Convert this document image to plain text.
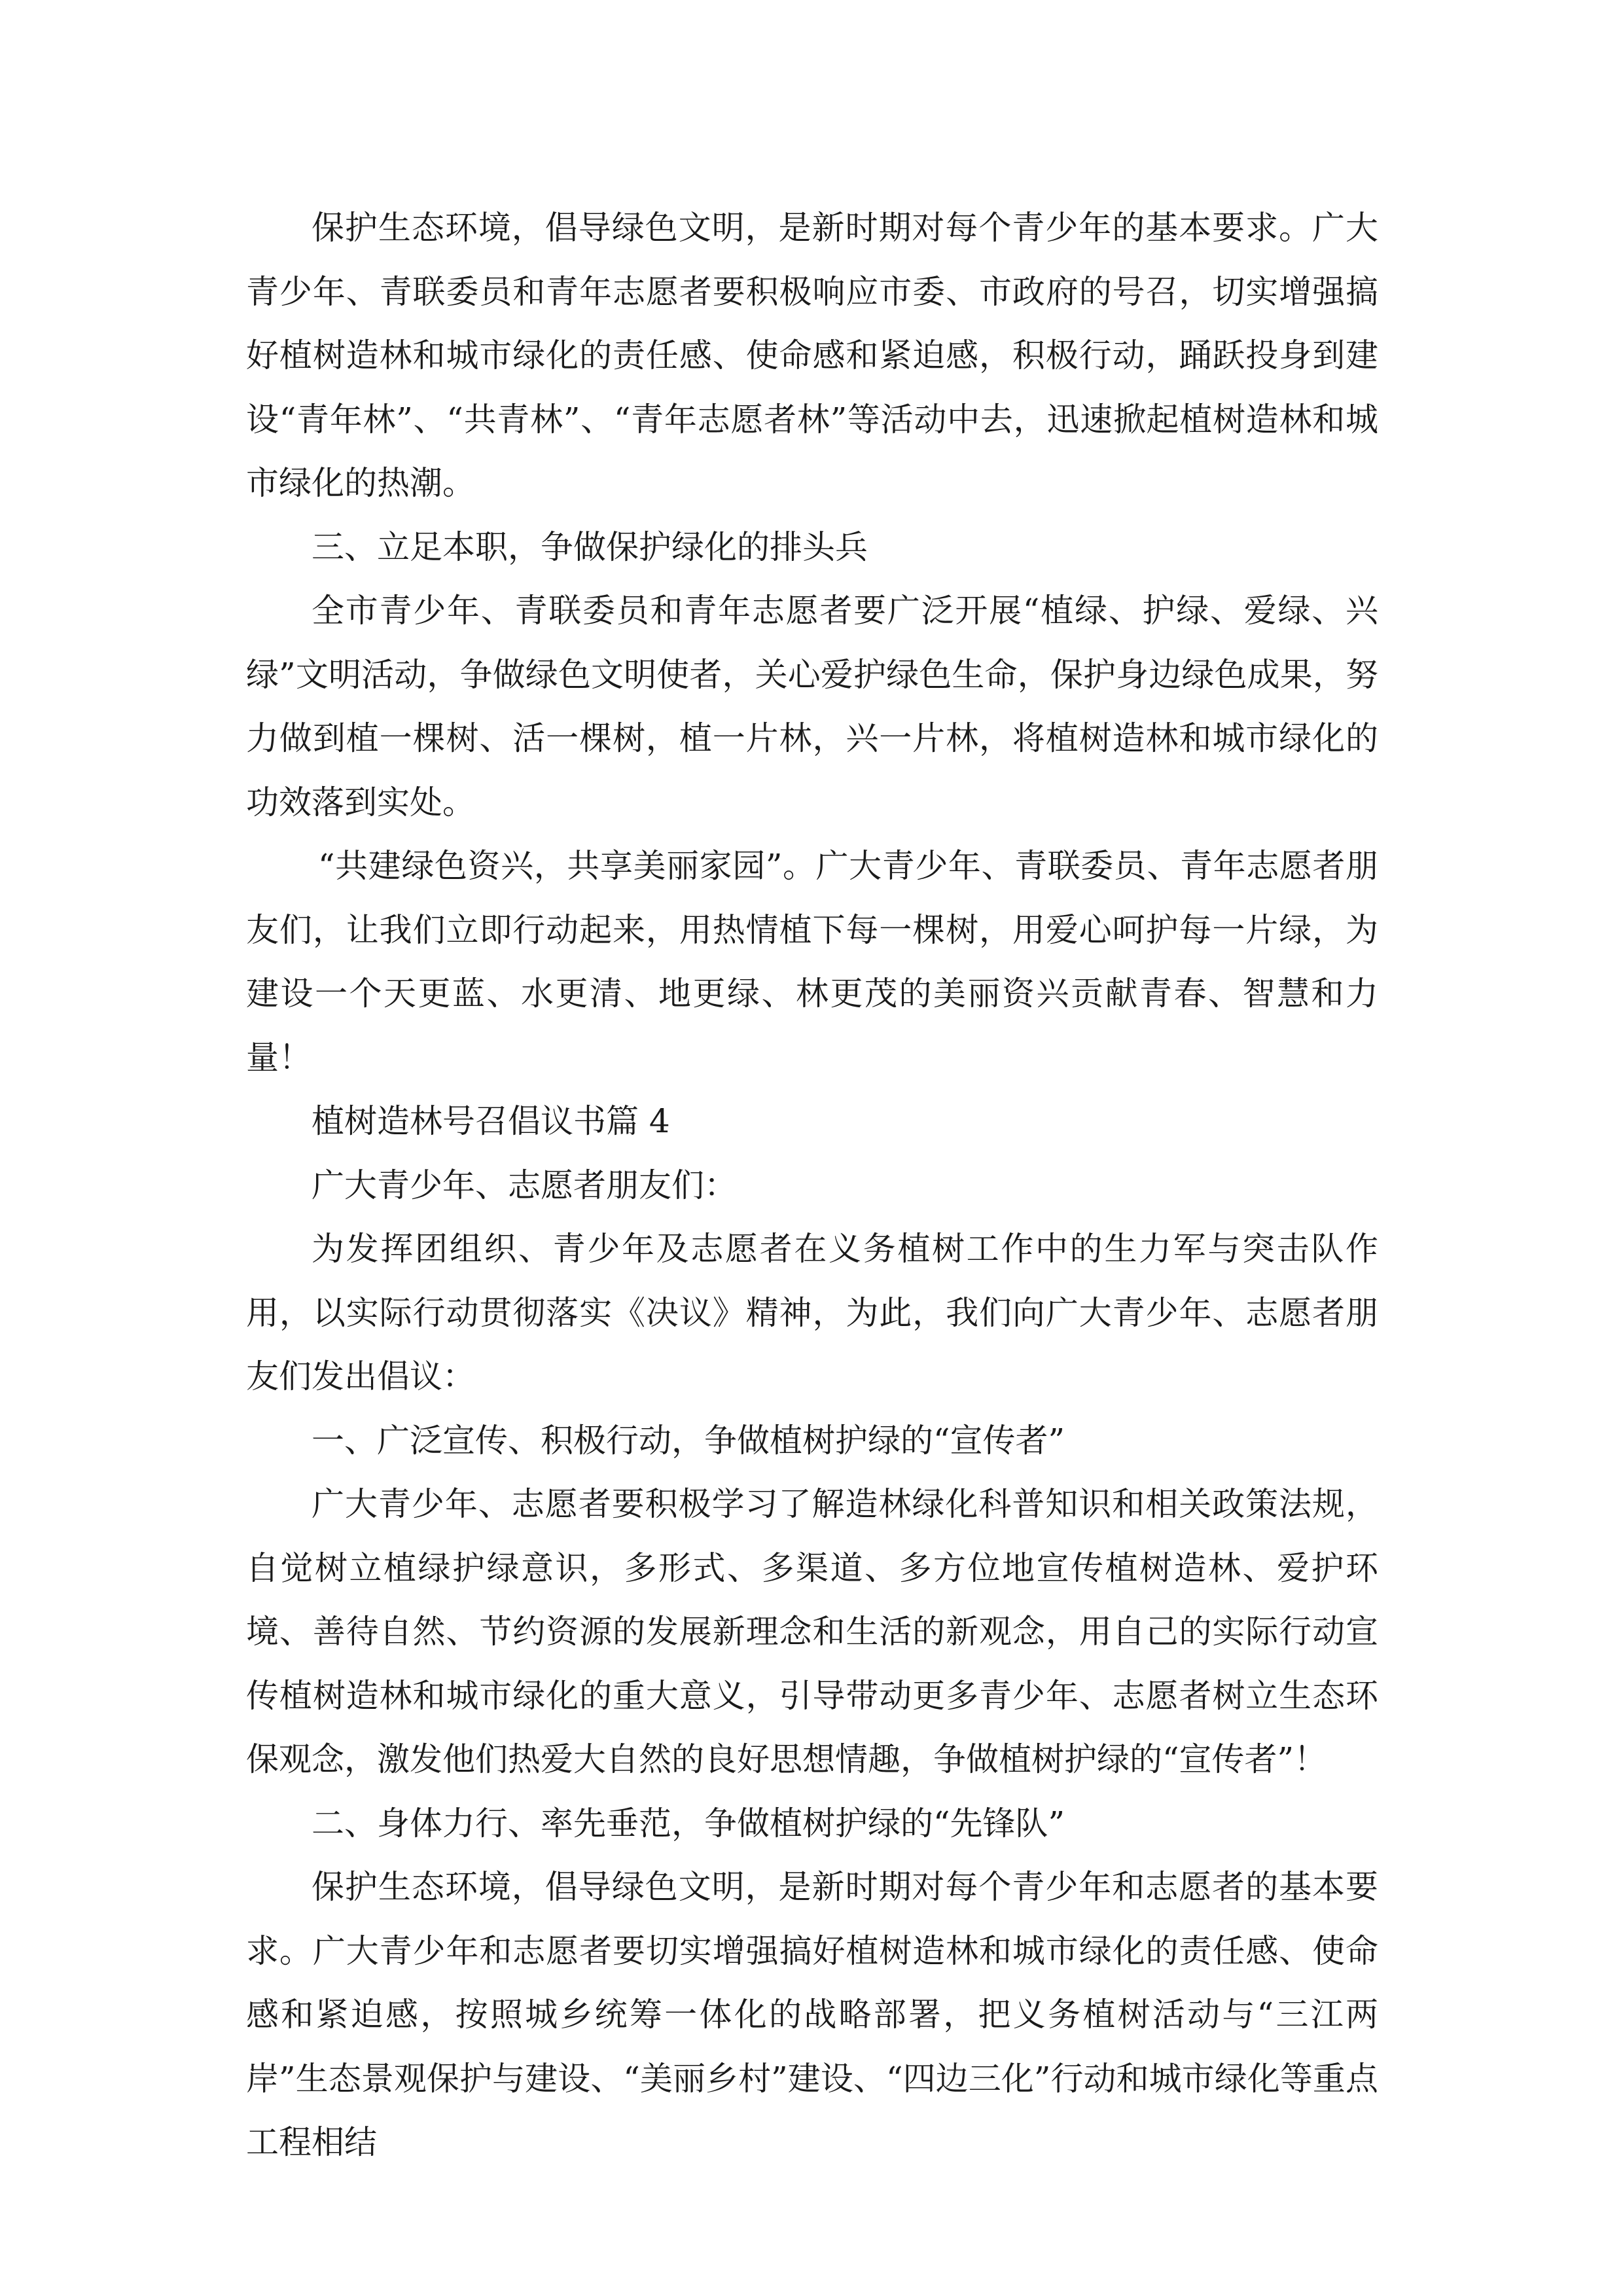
保护生态环境，倡导绿色文明，是新时期对每个青少年的基本要求。广大青少年、青联委员和青年志愿者要积极响应市委、市政府的号召，切实增强搞好植树造林和城市绿化的责任感、使命感和紧迫感，积极行动，踊跃投身到建设“青年林”、“共青林”、“青年志愿者林”等活动中去，迅速掀起植树造林和城市绿化的热潮。

三、立足本职，争做保护绿化的排头兵

全市青少年、青联委员和青年志愿者要广泛开展“植绿、护绿、爱绿、兴绿”文明活动，争做绿色文明使者，关心爱护绿色生命，保护身边绿色成果，努力做到植一棵树、活一棵树，植一片林，兴一片林，将植树造林和城市绿化的功效落到实处。

“共建绿色资兴，共享美丽家园”。广大青少年、青联委员、青年志愿者朋友们，让我们立即行动起来，用热情植下每一棵树，用爱心呵护每一片绿，为建设一个天更蓝、水更清、地更绿、林更茂的美丽资兴贡献青春、智慧和力量！

植树造林号召倡议书篇 4

广大青少年、志愿者朋友们：

为发挥团组织、青少年及志愿者在义务植树工作中的生力军与突击队作用，以实际行动贯彻落实《决议》精神，为此，我们向广大青少年、志愿者朋友们发出倡议：

一、广泛宣传、积极行动，争做植树护绿的“宣传者”

广大青少年、志愿者要积极学习了解造林绿化科普知识和相关政策法规，自觉树立植绿护绿意识，多形式、多渠道、多方位地宣传植树造林、爱护环境、善待自然、节约资源的发展新理念和生活的新观念，用自己的实际行动宣传植树造林和城市绿化的重大意义，引导带动更多青少年、志愿者树立生态环保观念，激发他们热爱大自然的良好思想情趣，争做植树护绿的“宣传者”！

二、身体力行、率先垂范，争做植树护绿的“先锋队”

保护生态环境，倡导绿色文明，是新时期对每个青少年和志愿者的基本要求。广大青少年和志愿者要切实增强搞好植树造林和城市绿化的责任感、使命感和紧迫感，按照城乡统筹一体化的战略部署，把义务植树活动与“三江两岸”生态景观保护与建设、“美丽乡村”建设、“四边三化”行动和城市绿化等重点工程相结
